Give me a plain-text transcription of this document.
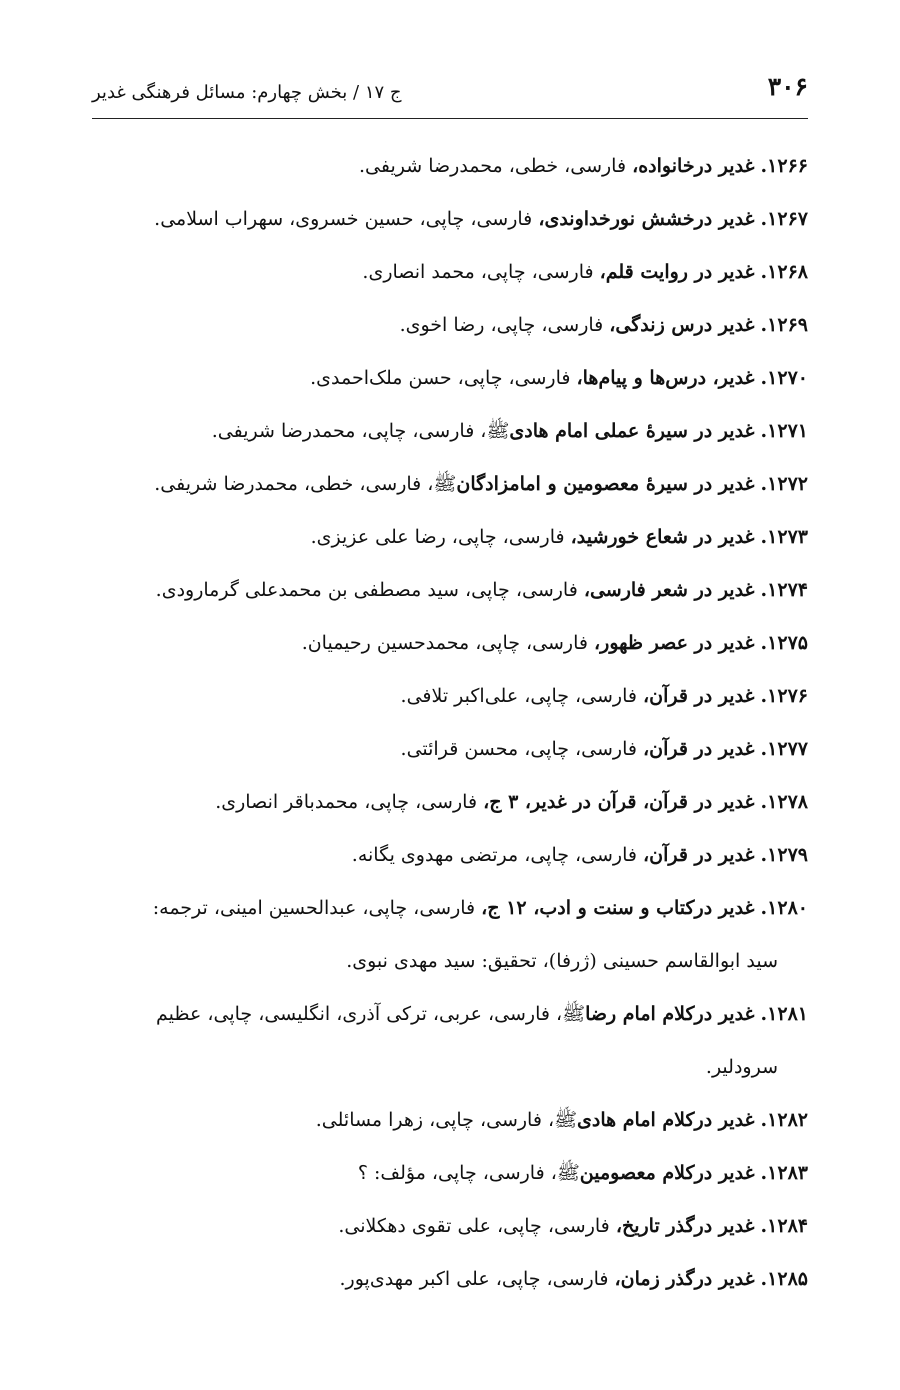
۳۰۶
ج ۱۷ / بخش چهارم: مسائل فرهنگی غدیر
۱۲۶۶. غدیر درخانواده، فارسی، خطی، محمدرضا شریفی.
۱۲۶۷. غدیر درخشش نورخداوندی، فارسی، چاپی، حسین خسروی، سهراب اسلامی.
۱۲۶۸. غدیر در روایت قلم، فارسی، چاپی، محمد انصاری.
۱۲۶۹. غدیر درس زندگی، فارسی، چاپی، رضا اخوی.
۱۲۷۰. غدیر، درس‌ها و پیام‌ها، فارسی، چاپی، حسن ملک‌احمدی.
۱۲۷۱. غدیر در سیرۀ عملی امام هادیﷺ، فارسی، چاپی، محمدرضا شریفی.
۱۲۷۲. غدیر در سیرۀ معصومین و امامزادگانﷺ، فارسی، خطی، محمدرضا شریفی.
۱۲۷۳. غدیر در شعاع خورشید، فارسی، چاپی، رضا علی عزیزی.
۱۲۷۴. غدیر در شعر فارسی، فارسی، چاپی، سید مصطفی بن محمدعلی گرمارودی.
۱۲۷۵. غدیر در عصر ظهور، فارسی، چاپی، محمدحسین رحیمیان.
۱۲۷۶. غدیر در قرآن، فارسی، چاپی، علی‌اکبر تلافی.
۱۲۷۷. غدیر در قرآن، فارسی، چاپی، محسن قرائتی.
۱۲۷۸. غدیر در قرآن، قرآن در غدیر، ۳ ج، فارسی، چاپی، محمدباقر انصاری.
۱۲۷۹. غدیر در قرآن، فارسی، چاپی، مرتضی مهدوی یگانه.
۱۲۸۰. غدیر درکتاب و سنت و ادب، ۱۲ ج، فارسی، چاپی، عبدالحسین امینی، ترجمه:
سید ابوالقاسم حسینی (ژرفا)، تحقیق: سید مهدی نبوی.
۱۲۸۱. غدیر درکلام امام رضاﷺ، فارسی، عربی، ترکی آذری، انگلیسی، چاپی، عظیم
سرودلیر.
۱۲۸۲. غدیر درکلام امام هادیﷺ، فارسی، چاپی، زهرا مسائلی.
۱۲۸۳. غدیر درکلام معصومینﷺ، فارسی، چاپی، مؤلف: ؟
۱۲۸۴. غدیر درگذر تاریخ، فارسی، چاپی، علی تقوی دهکلانی.
۱۲۸۵. غدیر درگذر زمان، فارسی، چاپی، علی اکبر مهدی‌پور.
